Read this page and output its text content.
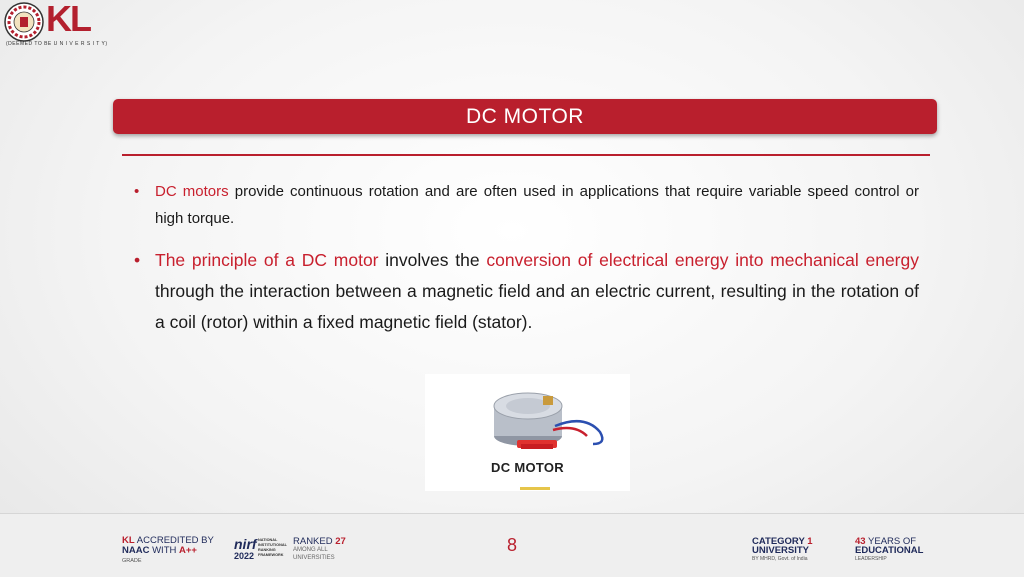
KL
(DEEMED TO BE U N I V E R S I T Y)
DC MOTOR
• DC motors provide continuous rotation and are often used in applications that require variable speed control or high torque.
• The principle of a DC motor involves the conversion of electrical energy into mechanical energy through the interaction between a magnetic field and an electric current, resulting in the rotation of a coil (rotor) within a fixed magnetic field (stator).
DC MOTOR
KL ACCREDITED BY
NAAC WITH A++
GRADE
nirf
2022
NATIONAL INSTITUTIONAL RANKING FRAMEWORK
RANKED 27
AMONG ALL
UNIVERSITIES
8	CATEGORY 1
UNIVERSITY
BY MHRD, Govt. of India
43 YEARS OF
EDUCATIONAL
LEADERSHIP
